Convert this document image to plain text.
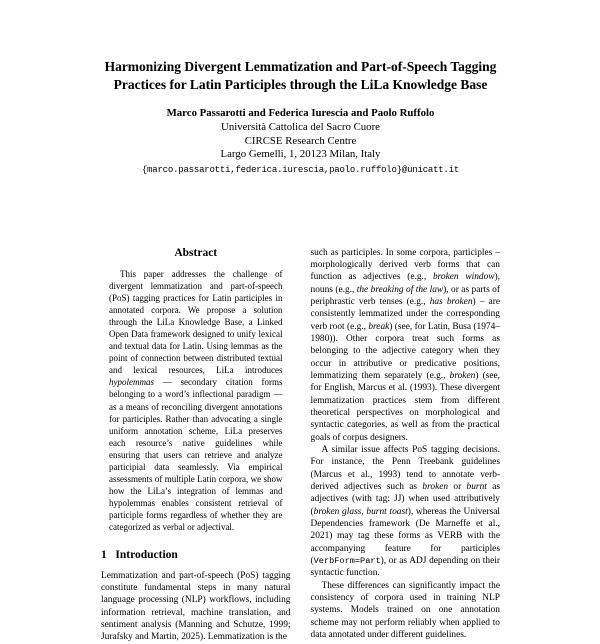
Harmonizing Divergent Lemmatization and Part-of-Speech Tagging Practices for Latin Participles through the LiLa Knowledge Base
Marco Passarotti and Federica Iurescia and Paolo Ruffolo
Università Cattolica del Sacro Cuore
CIRCSE Research Centre
Largo Gemelli, 1, 20123 Milan, Italy
{marco.passarotti,federica.iurescia,paolo.ruffolo}@unicatt.it
Abstract

This paper addresses the challenge of divergent lemmatization and part-of-speech (PoS) tagging practices for Latin participles in annotated corpora. We propose a solution through the LiLa Knowledge Base, a Linked Open Data framework designed to unify lexical and textual data for Latin. Using lemmas as the point of connection between distributed textual and lexical resources, LiLa introduces hypolemmas — secondary citation forms belonging to a word’s inflectional paradigm — as a means of reconciling divergent annotations for participles. Rather than advocating a single uniform annotation scheme, LiLa preserves each resource’s native guidelines while ensuring that users can retrieve and analyze participial data seamlessly. Via empirical assessments of multiple Latin corpora, we show how the LiLa’s integration of lemmas and hypolemmas enables consistent retrieval of participle forms regardless of whether they are categorized as verbal or adjectival.

1   Introduction

Lemmatization and part-of-speech (PoS) tagging constitute fundamental steps in many natural language processing (NLP) workflows, including information retrieval, machine translation, and sentiment analysis (Manning and Schutze, 1999; Jurafsky and Martin, 2025). Lemmatization is the

such as participles. In some corpora, participles – morphologically derived verb forms that can function as adjectives (e.g., broken window), nouns (e.g., the breaking of the law), or as parts of periphrastic verb tenses (e.g., has broken) – are consistently lemmatized under the corresponding verb root (e.g., break) (see, for Latin, Busa (1974–1980)). Other corpora treat such forms as belonging to the adjective category when they occur in attributive or predicative positions, lemmatizing them separately (e.g., broken) (see, for English, Marcus et al. (1993). These divergent lemmatization practices stem from different theoretical perspectives on morphological and syntactic categories, as well as from the practical goals of corpus designers.

A similar issue affects PoS tagging decisions. For instance, the Penn Treebank guidelines (Marcus et al., 1993) tend to annotate verb-derived adjectives such as broken or burnt as adjectives (with tag: JJ) when used attributively (broken glass, burnt toast), whereas the Universal Dependencies framework (De Marneffe et al., 2021) may tag these forms as VERB with the accompanying feature for participles (VerbForm=Part), or as ADJ depending on their syntactic function.

These differences can significantly impact the consistency of corpora used in training NLP systems. Models trained on one annotation scheme may not perform reliably when applied to data annotated under different guidelines.
